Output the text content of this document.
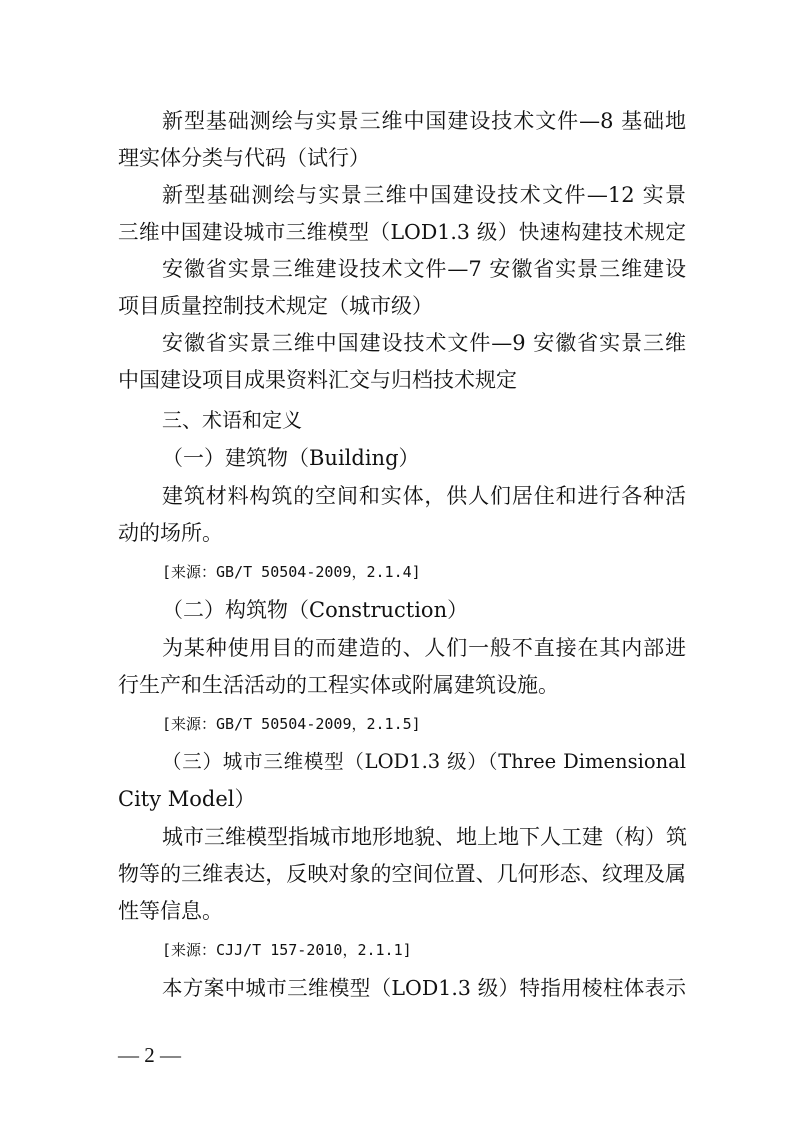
新型基础测绘与实景三维中国建设技术文件—8 基础地
理实体分类与代码（试行）
新型基础测绘与实景三维中国建设技术文件—12 实景
三维中国建设城市三维模型（LOD1.3 级）快速构建技术规定
安徽省实景三维建设技术文件—7 安徽省实景三维建设
项目质量控制技术规定（城市级）
安徽省实景三维中国建设技术文件—9 安徽省实景三维
中国建设项目成果资料汇交与归档技术规定
三、术语和定义
（一）建筑物（Building）
建筑材料构筑的空间和实体，供人们居住和进行各种活
动的场所。
[来源：GB/T 50504-2009，2.1.4]
（二）构筑物（Construction）
为某种使用目的而建造的、人们一般不直接在其内部进
行生产和生活活动的工程实体或附属建筑设施。
[来源：GB/T 50504-2009，2.1.5]
（三）城市三维模型（LOD1.3 级）（Three Dimensional
City Model）
城市三维模型指城市地形地貌、地上地下人工建（构）筑
物等的三维表达，反映对象的空间位置、几何形态、纹理及属
性等信息。
[来源：CJJ/T 157-2010，2.1.1]
本方案中城市三维模型（LOD1.3 级）特指用棱柱体表示
— 2 —
